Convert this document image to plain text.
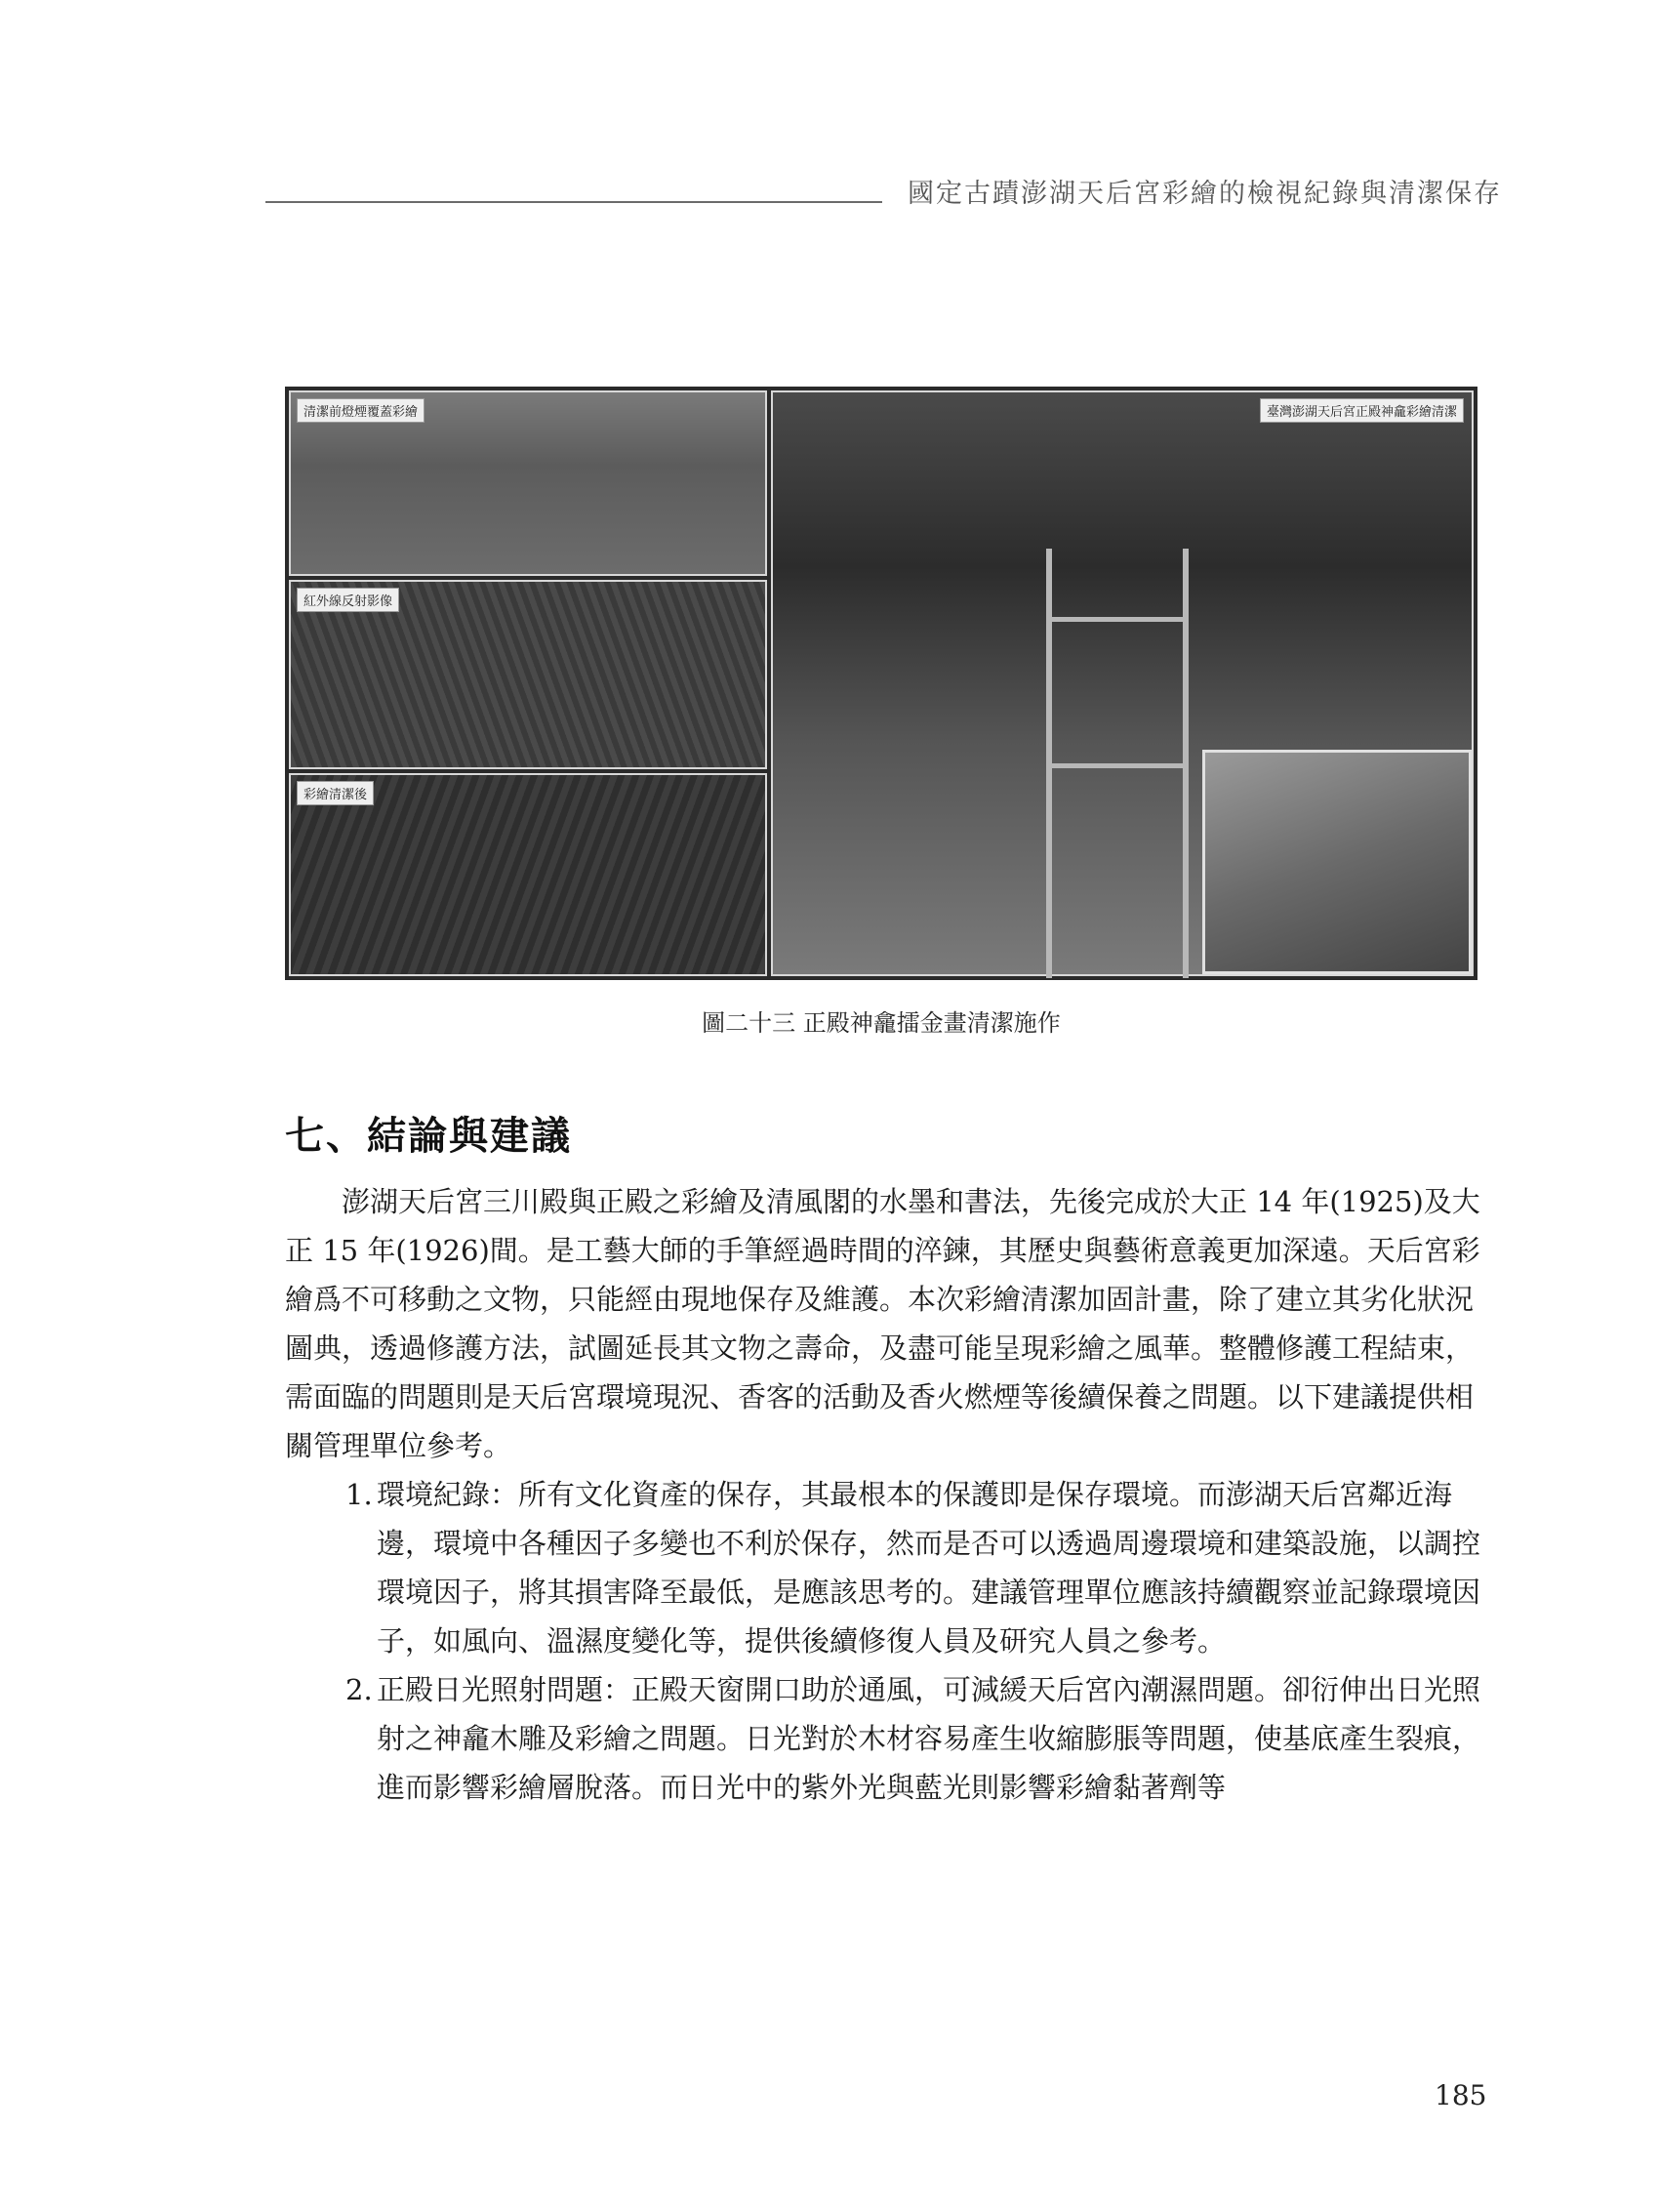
國定古蹟澎湖天后宮彩繪的檢視紀錄與清潔保存
清潔前燈煙覆蓋彩繪
紅外線反射影像
彩繪清潔後
臺灣澎湖天后宮正殿神龕彩繪清潔
圖二十三 正殿神龕擂金畫清潔施作
七、結論與建議

澎湖天后宮三川殿與正殿之彩繪及清風閣的水墨和書法，先後完成於大正 14 年(1925)及大正 15 年(1926)間。是工藝大師的手筆經過時間的淬鍊，其歷史與藝術意義更加深遠。天后宮彩繪爲不可移動之文物，只能經由現地保存及維護。本次彩繪清潔加固計畫，除了建立其劣化狀況圖典，透過修護方法，試圖延長其文物之壽命，及盡可能呈現彩繪之風華。整體修護工程結束，需面臨的問題則是天后宮環境現況、香客的活動及香火燃煙等後續保養之問題。以下建議提供相關管理單位參考。

1. 環境紀錄：所有文化資產的保存，其最根本的保護即是保存環境。而澎湖天后宮鄰近海邊，環境中各種因子多變也不利於保存，然而是否可以透過周邊環境和建築設施，以調控環境因子，將其損害降至最低，是應該思考的。建議管理單位應該持續觀察並記錄環境因子，如風向、溫濕度變化等，提供後續修復人員及研究人員之參考。
2. 正殿日光照射問題：正殿天窗開口助於通風，可減緩天后宮內潮濕問題。卻衍伸出日光照射之神龕木雕及彩繪之問題。日光對於木材容易產生收縮膨脹等問題，使基底產生裂痕，進而影響彩繪層脫落。而日光中的紫外光與藍光則影響彩繪黏著劑等
185
